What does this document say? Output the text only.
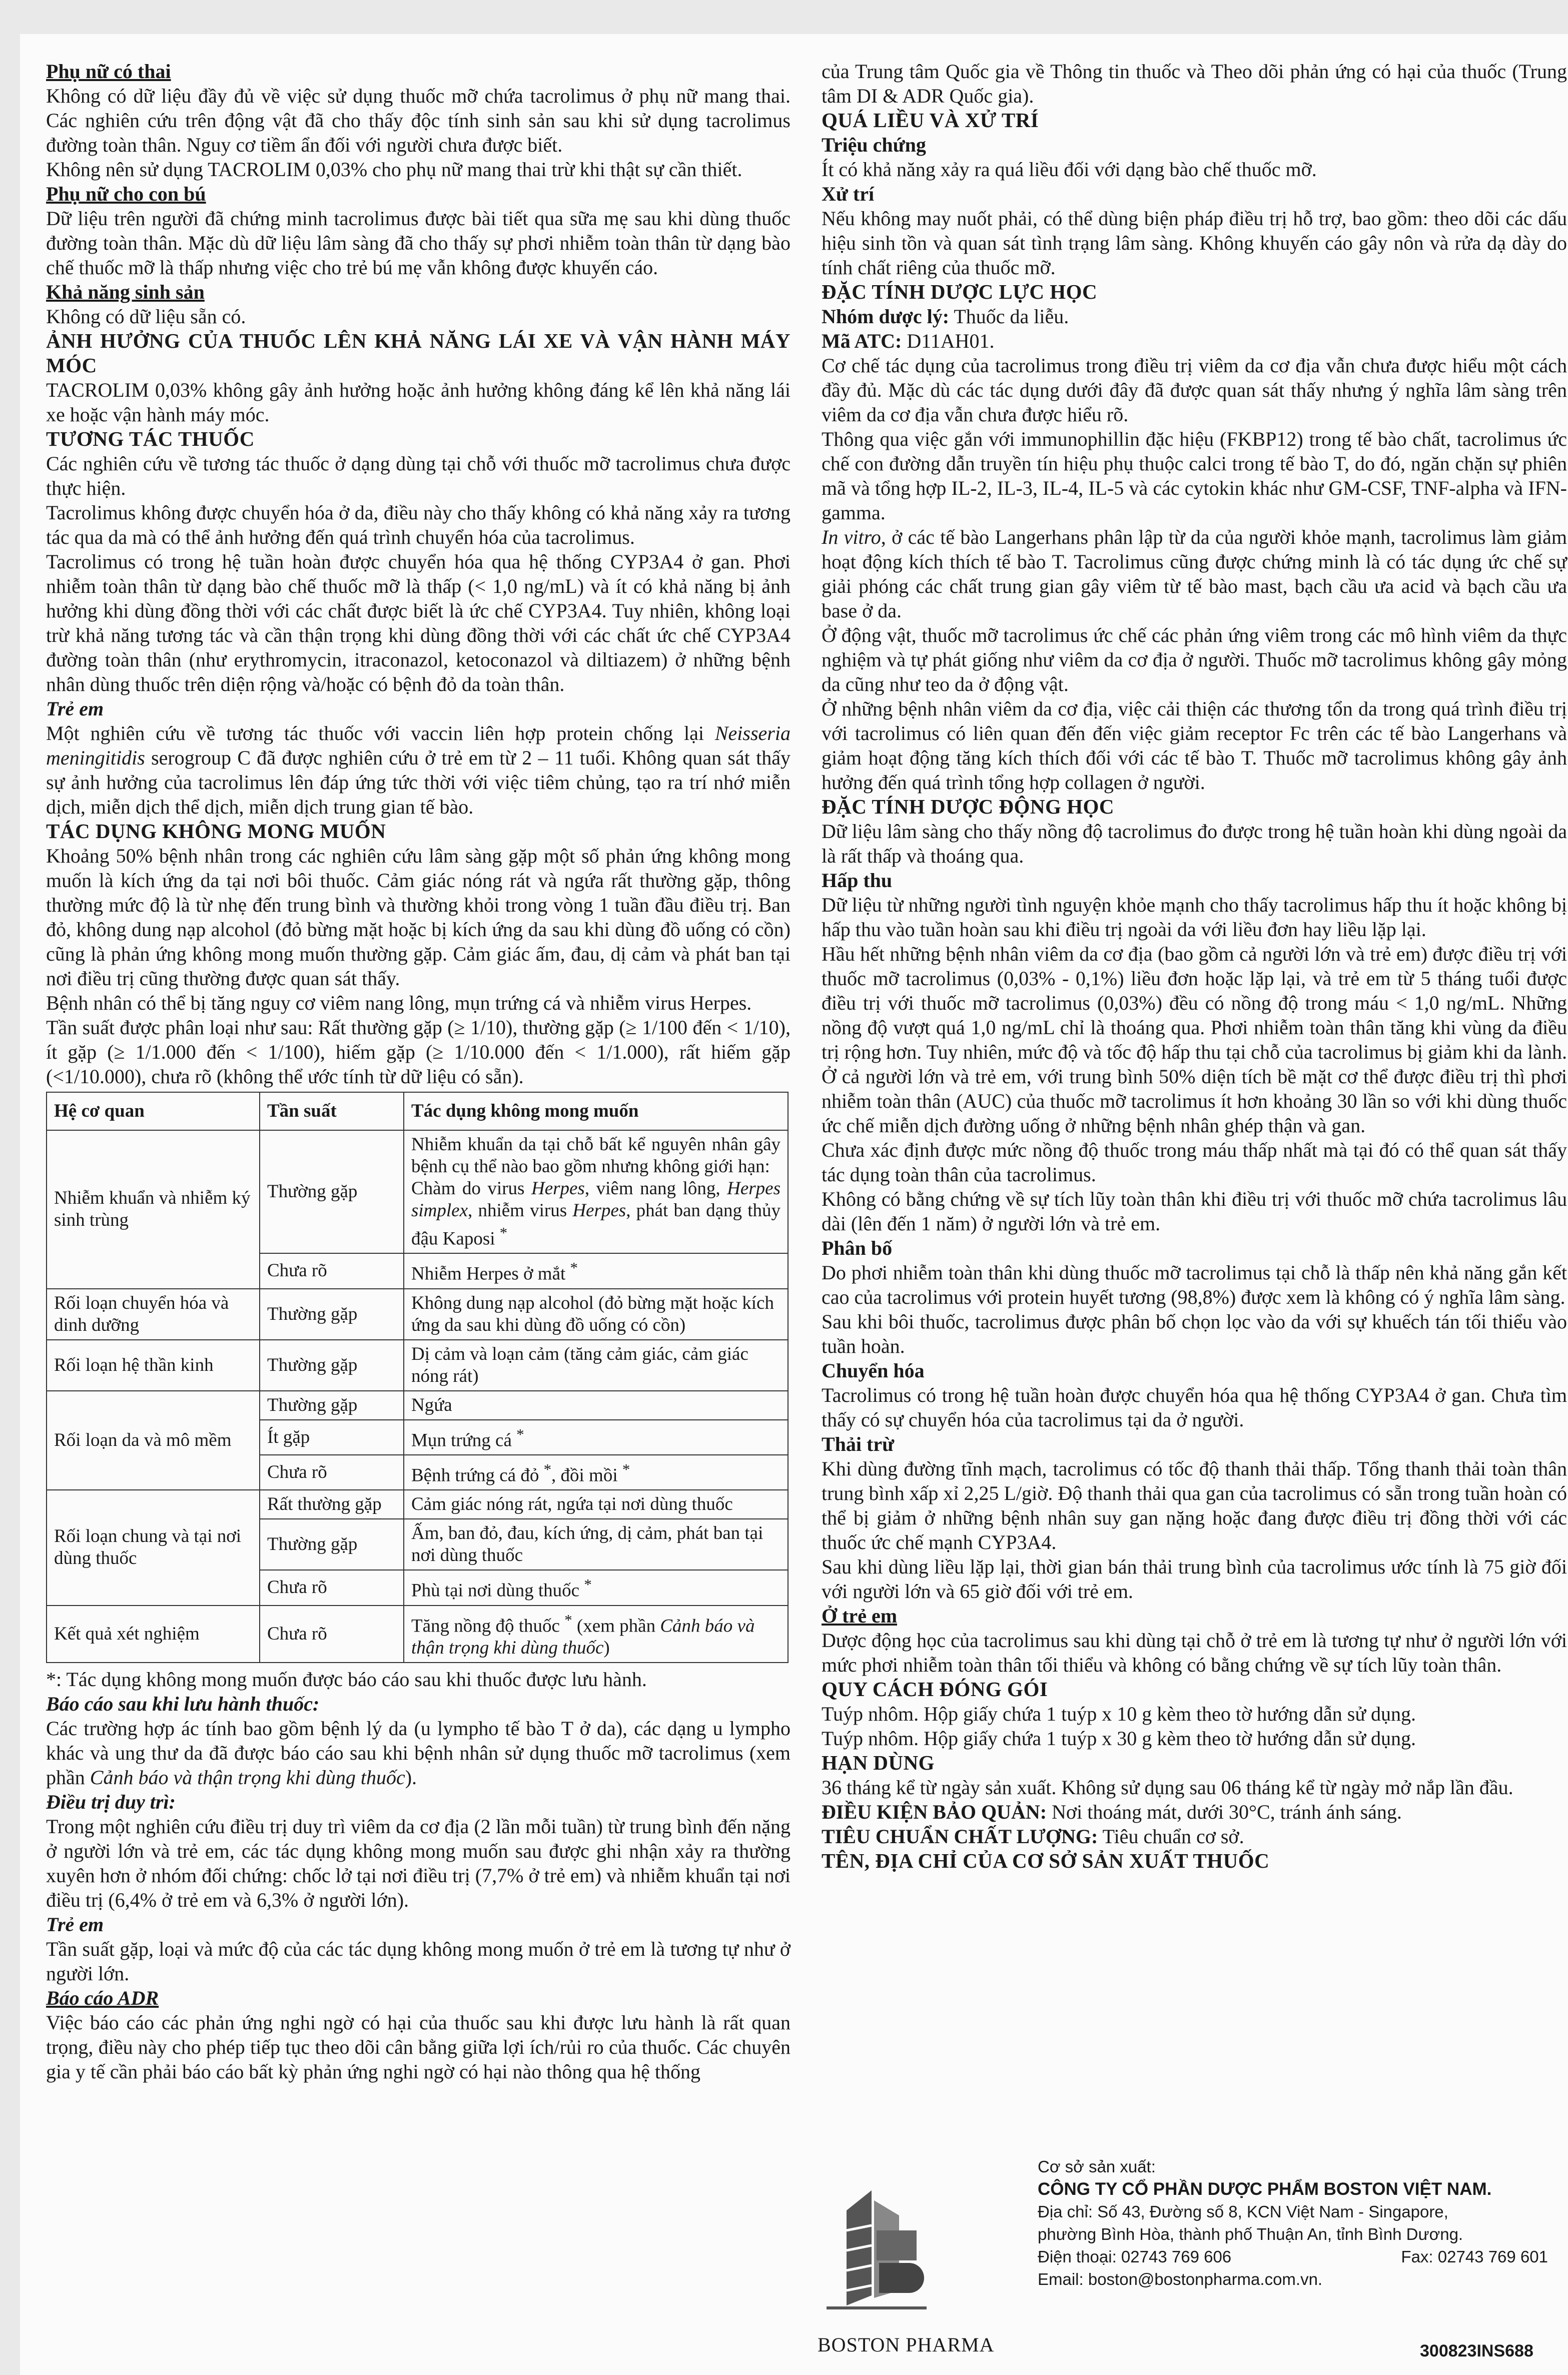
Phụ nữ có thai

Không có dữ liệu đầy đủ về việc sử dụng thuốc mỡ chứa tacrolimus ở phụ nữ mang thai. Các nghiên cứu trên động vật đã cho thấy độc tính sinh sản sau khi sử dụng tacrolimus đường toàn thân. Nguy cơ tiềm ẩn đối với người chưa được biết.

Không nên sử dụng TACROLIM 0,03% cho phụ nữ mang thai trừ khi thật sự cần thiết.

Phụ nữ cho con bú

Dữ liệu trên người đã chứng minh tacrolimus được bài tiết qua sữa mẹ sau khi dùng thuốc đường toàn thân. Mặc dù dữ liệu lâm sàng đã cho thấy sự phơi nhiễm toàn thân từ dạng bào chế thuốc mỡ là thấp nhưng việc cho trẻ bú mẹ vẫn không được khuyến cáo.

Khả năng sinh sản

Không có dữ liệu sẵn có.

ẢNH HƯỞNG CỦA THUỐC LÊN KHẢ NĂNG LÁI XE VÀ VẬN HÀNH MÁY MÓC

TACROLIM 0,03% không gây ảnh hưởng hoặc ảnh hưởng không đáng kể lên khả năng lái xe hoặc vận hành máy móc.

TƯƠNG TÁC THUỐC

Các nghiên cứu về tương tác thuốc ở dạng dùng tại chỗ với thuốc mỡ tacrolimus chưa được thực hiện.

Tacrolimus không được chuyển hóa ở da, điều này cho thấy không có khả năng xảy ra tương tác qua da mà có thể ảnh hưởng đến quá trình chuyển hóa của tacrolimus.

Tacrolimus có trong hệ tuần hoàn được chuyển hóa qua hệ thống CYP3A4 ở gan. Phơi nhiễm toàn thân từ dạng bào chế thuốc mỡ là thấp (< 1,0 ng/mL) và ít có khả năng bị ảnh hưởng khi dùng đồng thời với các chất được biết là ức chế CYP3A4. Tuy nhiên, không loại trừ khả năng tương tác và cần thận trọng khi dùng đồng thời với các chất ức chế CYP3A4 đường toàn thân (như erythromycin, itraconazol, ketoconazol và diltiazem) ở những bệnh nhân dùng thuốc trên diện rộng và/hoặc có bệnh đỏ da toàn thân.

Trẻ em

Một nghiên cứu về tương tác thuốc với vaccin liên hợp protein chống lại Neisseria meningitidis serogroup C đã được nghiên cứu ở trẻ em từ 2 – 11 tuổi. Không quan sát thấy sự ảnh hưởng của tacrolimus lên đáp ứng tức thời với việc tiêm chủng, tạo ra trí nhớ miễn dịch, miễn dịch thể dịch, miễn dịch trung gian tế bào.

TÁC DỤNG KHÔNG MONG MUỐN

Khoảng 50% bệnh nhân trong các nghiên cứu lâm sàng gặp một số phản ứng không mong muốn là kích ứng da tại nơi bôi thuốc. Cảm giác nóng rát và ngứa rất thường gặp, thông thường mức độ là từ nhẹ đến trung bình và thường khỏi trong vòng 1 tuần đầu điều trị. Ban đỏ, không dung nạp alcohol (đỏ bừng mặt hoặc bị kích ứng da sau khi dùng đồ uống có cồn) cũng là phản ứng không mong muốn thường gặp. Cảm giác ấm, đau, dị cảm và phát ban tại nơi điều trị cũng thường được quan sát thấy.

Bệnh nhân có thể bị tăng nguy cơ viêm nang lông, mụn trứng cá và nhiễm virus Herpes.

Tần suất được phân loại như sau: Rất thường gặp (≥ 1/10), thường gặp (≥ 1/100 đến < 1/10), ít gặp (≥ 1/1.000 đến < 1/100), hiếm gặp (≥ 1/10.000 đến < 1/1.000), rất hiếm gặp (<1/10.000), chưa rõ (không thể ước tính từ dữ liệu có sẵn).

Hệ cơ quan	Tần suất	Tác dụng không mong muốn
Nhiễm khuẩn và nhiễm ký sinh trùng	Thường gặp	Nhiễm khuẩn da tại chỗ bất kể nguyên nhân gây bệnh cụ thể nào bao gồm nhưng không giới hạn:
Chàm do virus Herpes, viêm nang lông, Herpes simplex, nhiễm virus Herpes, phát ban dạng thủy đậu Kaposi *
	Chưa rõ	Nhiễm Herpes ở mắt *
Rối loạn chuyển hóa và dinh dưỡng	Thường gặp	Không dung nạp alcohol (đỏ bừng mặt hoặc kích ứng da sau khi dùng đồ uống có cồn)
Rối loạn hệ thần kinh	Thường gặp	Dị cảm và loạn cảm (tăng cảm giác, cảm giác nóng rát)
Rối loạn da và mô mềm	Thường gặp	Ngứa
	Ít gặp	Mụn trứng cá *
	Chưa rõ	Bệnh trứng cá đỏ *, đồi mồi *
Rối loạn chung và tại nơi dùng thuốc	Rất thường gặp	Cảm giác nóng rát, ngứa tại nơi dùng thuốc
	Thường gặp	Ấm, ban đỏ, đau, kích ứng, dị cảm, phát ban tại nơi dùng thuốc
	Chưa rõ	Phù tại nơi dùng thuốc *
Kết quả xét nghiệm	Chưa rõ	Tăng nồng độ thuốc * (xem phần Cảnh báo và thận trọng khi dùng thuốc)

*: Tác dụng không mong muốn được báo cáo sau khi thuốc được lưu hành.

Báo cáo sau khi lưu hành thuốc:

Các trường hợp ác tính bao gồm bệnh lý da (u lympho tế bào T ở da), các dạng u lympho khác và ung thư da đã được báo cáo sau khi bệnh nhân sử dụng thuốc mỡ tacrolimus (xem phần Cảnh báo và thận trọng khi dùng thuốc).

Điều trị duy trì:

Trong một nghiên cứu điều trị duy trì viêm da cơ địa (2 lần mỗi tuần) từ trung bình đến nặng ở người lớn và trẻ em, các tác dụng không mong muốn sau được ghi nhận xảy ra thường xuyên hơn ở nhóm đối chứng: chốc lở tại nơi điều trị (7,7% ở trẻ em) và nhiễm khuẩn tại nơi điều trị (6,4% ở trẻ em và 6,3% ở người lớn).

Trẻ em

Tần suất gặp, loại và mức độ của các tác dụng không mong muốn ở trẻ em là tương tự như ở người lớn.

Báo cáo ADR

Việc báo cáo các phản ứng nghi ngờ có hại của thuốc sau khi được lưu hành là rất quan trọng, điều này cho phép tiếp tục theo dõi cân bằng giữa lợi ích/rủi ro của thuốc. Các chuyên gia y tế cần phải báo cáo bất kỳ phản ứng nghi ngờ có hại nào thông qua hệ thống

của Trung tâm Quốc gia về Thông tin thuốc và Theo dõi phản ứng có hại của thuốc (Trung tâm DI & ADR Quốc gia).

QUÁ LIỀU VÀ XỬ TRÍ

Triệu chứng

Ít có khả năng xảy ra quá liều đối với dạng bào chế thuốc mỡ.

Xử trí

Nếu không may nuốt phải, có thể dùng biện pháp điều trị hỗ trợ, bao gồm: theo dõi các dấu hiệu sinh tồn và quan sát tình trạng lâm sàng. Không khuyến cáo gây nôn và rửa dạ dày do tính chất riêng của thuốc mỡ.

ĐẶC TÍNH DƯỢC LỰC HỌC

Nhóm dược lý: Thuốc da liễu.

Mã ATC: D11AH01.

Cơ chế tác dụng của tacrolimus trong điều trị viêm da cơ địa vẫn chưa được hiểu một cách đầy đủ. Mặc dù các tác dụng dưới đây đã được quan sát thấy nhưng ý nghĩa lâm sàng trên viêm da cơ địa vẫn chưa được hiểu rõ.

Thông qua việc gắn với immunophillin đặc hiệu (FKBP12) trong tế bào chất, tacrolimus ức chế con đường dẫn truyền tín hiệu phụ thuộc calci trong tế bào T, do đó, ngăn chặn sự phiên mã và tổng hợp IL-2, IL-3, IL-4, IL-5 và các cytokin khác như GM-CSF, TNF-alpha và IFN-gamma.

In vitro, ở các tế bào Langerhans phân lập từ da của người khỏe mạnh, tacrolimus làm giảm hoạt động kích thích tế bào T. Tacrolimus cũng được chứng minh là có tác dụng ức chế sự giải phóng các chất trung gian gây viêm từ tế bào mast, bạch cầu ưa acid và bạch cầu ưa base ở da.

Ở động vật, thuốc mỡ tacrolimus ức chế các phản ứng viêm trong các mô hình viêm da thực nghiệm và tự phát giống như viêm da cơ địa ở người. Thuốc mỡ tacrolimus không gây mỏng da cũng như teo da ở động vật.

Ở những bệnh nhân viêm da cơ địa, việc cải thiện các thương tổn da trong quá trình điều trị với tacrolimus có liên quan đến đến việc giảm receptor Fc trên các tế bào Langerhans và giảm hoạt động tăng kích thích đối với các tế bào T. Thuốc mỡ tacrolimus không gây ảnh hưởng đến quá trình tổng hợp collagen ở người.

ĐẶC TÍNH DƯỢC ĐỘNG HỌC

Dữ liệu lâm sàng cho thấy nồng độ tacrolimus đo được trong hệ tuần hoàn khi dùng ngoài da là rất thấp và thoáng qua.

Hấp thu

Dữ liệu từ những người tình nguyện khỏe mạnh cho thấy tacrolimus hấp thu ít hoặc không bị hấp thu vào tuần hoàn sau khi điều trị ngoài da với liều đơn hay liều lặp lại.

Hầu hết những bệnh nhân viêm da cơ địa (bao gồm cả người lớn và trẻ em) được điều trị với thuốc mỡ tacrolimus (0,03% - 0,1%) liều đơn hoặc lặp lại, và trẻ em từ 5 tháng tuổi được điều trị với thuốc mỡ tacrolimus (0,03%) đều có nồng độ trong máu < 1,0 ng/mL. Những nồng độ vượt quá 1,0 ng/mL chỉ là thoáng qua. Phơi nhiễm toàn thân tăng khi vùng da điều trị rộng hơn. Tuy nhiên, mức độ và tốc độ hấp thu tại chỗ của tacrolimus bị giảm khi da lành. Ở cả người lớn và trẻ em, với trung bình 50% diện tích bề mặt cơ thể được điều trị thì phơi nhiễm toàn thân (AUC) của thuốc mỡ tacrolimus ít hơn khoảng 30 lần so với khi dùng thuốc ức chế miễn dịch đường uống ở những bệnh nhân ghép thận và gan.

Chưa xác định được mức nồng độ thuốc trong máu thấp nhất mà tại đó có thể quan sát thấy tác dụng toàn thân của tacrolimus.

Không có bằng chứng về sự tích lũy toàn thân khi điều trị với thuốc mỡ chứa tacrolimus lâu dài (lên đến 1 năm) ở người lớn và trẻ em.

Phân bố

Do phơi nhiễm toàn thân khi dùng thuốc mỡ tacrolimus tại chỗ là thấp nên khả năng gắn kết cao của tacrolimus với protein huyết tương (98,8%) được xem là không có ý nghĩa lâm sàng.

Sau khi bôi thuốc, tacrolimus được phân bố chọn lọc vào da với sự khuếch tán tối thiểu vào tuần hoàn.

Chuyển hóa

Tacrolimus có trong hệ tuần hoàn được chuyển hóa qua hệ thống CYP3A4 ở gan. Chưa tìm thấy có sự chuyển hóa của tacrolimus tại da ở người.

Thải trừ

Khi dùng đường tĩnh mạch, tacrolimus có tốc độ thanh thải thấp. Tổng thanh thải toàn thân trung bình xấp xỉ 2,25 L/giờ. Độ thanh thải qua gan của tacrolimus có sẵn trong tuần hoàn có thể bị giảm ở những bệnh nhân suy gan nặng hoặc đang được điều trị đồng thời với các thuốc ức chế mạnh CYP3A4.

Sau khi dùng liều lặp lại, thời gian bán thải trung bình của tacrolimus ước tính là 75 giờ đối với người lớn và 65 giờ đối với trẻ em.

Ở trẻ em

Dược động học của tacrolimus sau khi dùng tại chỗ ở trẻ em là tương tự như ở người lớn với mức phơi nhiễm toàn thân tối thiểu và không có bằng chứng về sự tích lũy toàn thân.

QUY CÁCH ĐÓNG GÓI

Tuýp nhôm. Hộp giấy chứa 1 tuýp x 10 g kèm theo tờ hướng dẫn sử dụng.

Tuýp nhôm. Hộp giấy chứa 1 tuýp x 30 g kèm theo tờ hướng dẫn sử dụng.

HẠN DÙNG

36 tháng kể từ ngày sản xuất. Không sử dụng sau 06 tháng kể từ ngày mở nắp lần đầu.

ĐIỀU KIỆN BẢO QUẢN: Nơi thoáng mát, dưới 30°C, tránh ánh sáng.

TIÊU CHUẨN CHẤT LƯỢNG: Tiêu chuẩn cơ sở.

TÊN, ĐỊA CHỈ CỦA CƠ SỞ SẢN XUẤT THUỐC

BOSTON PHARMA
Cơ sở sản xuất:
CÔNG TY CỔ PHẦN DƯỢC PHẨM BOSTON VIỆT NAM.
Địa chỉ: Số 43, Đường số 8, KCN Việt Nam - Singapore,
phường Bình Hòa, thành phố Thuận An, tỉnh Bình Dương.
Điện thoại: 02743 769 606	Fax: 02743 769 601
Email: boston@bostonpharma.com.vn.
300823INS688
